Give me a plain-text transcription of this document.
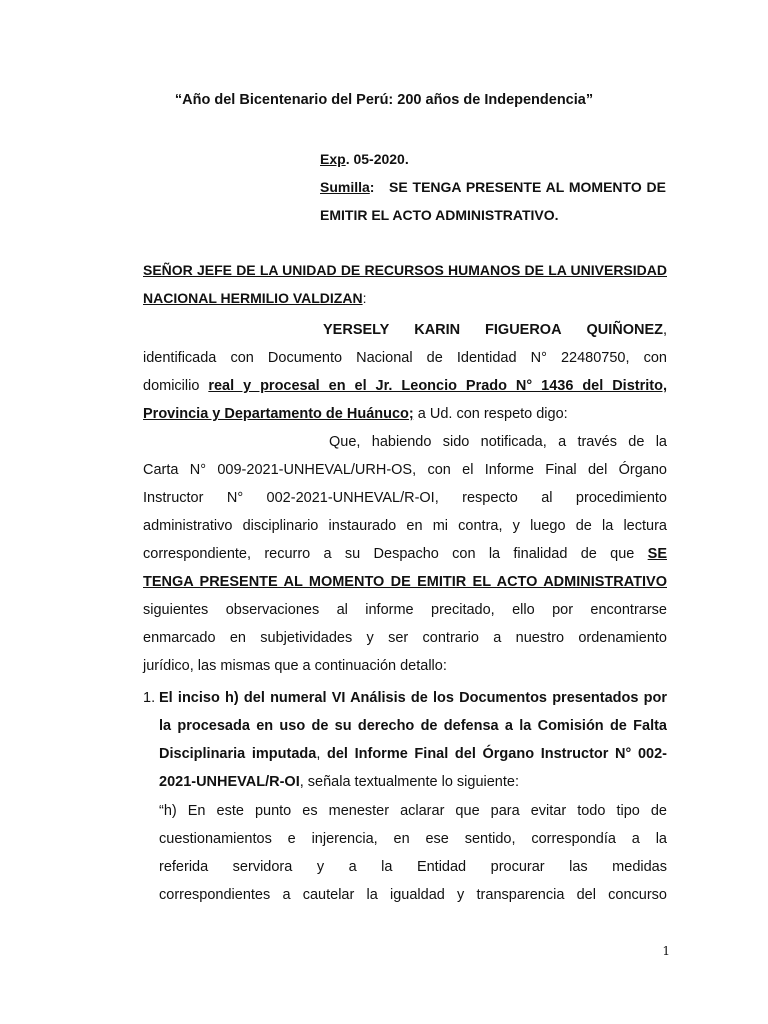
“Año del Bicentenario del Perú: 200 años de Independencia”
Exp. 05-2020.
Sumilla: SE TENGA PRESENTE AL MOMENTO DE
EMITIR EL ACTO ADMINISTRATIVO.
SEÑOR JEFE DE LA UNIDAD DE RECURSOS HUMANOS DE LA UNIVERSIDAD
NACIONAL HERMILIO VALDIZAN:
YERSELY KARIN FIGUEROA QUIÑONEZ,
identificada con Documento Nacional de Identidad N° 22480750, con
domicilio real y procesal en el Jr. Leoncio Prado N° 1436 del Distrito,
Provincia y Departamento de Huánuco; a Ud. con respeto digo:
Que, habiendo sido notificada, a través de la
Carta N° 009-2021-UNHEVAL/URH-OS, con el Informe Final del Órgano
Instructor N° 002-2021-UNHEVAL/R-OI, respecto al procedimiento
administrativo disciplinario instaurado en mi contra, y luego de la lectura
correspondiente, recurro a su Despacho con la finalidad de que SE
TENGA PRESENTE AL MOMENTO DE EMITIR EL ACTO ADMINISTRATIVO
siguientes observaciones al informe precitado, ello por encontrarse
enmarcado en subjetividades y ser contrario a nuestro ordenamiento
jurídico, las mismas que a continuación detallo:
1. El inciso h) del numeral VI Análisis de los Documentos presentados por
la procesada en uso de su derecho de defensa a la Comisión de Falta
Disciplinaria imputada, del Informe Final del Órgano Instructor N° 002-
2021-UNHEVAL/R-OI, señala textualmente lo siguiente:
“h) En este punto es menester aclarar que para evitar todo tipo de
cuestionamientos e injerencia, en ese sentido, correspondía a la
referida servidora y a la Entidad procurar las medidas
correspondientes a cautelar la igualdad y transparencia del concurso
1
